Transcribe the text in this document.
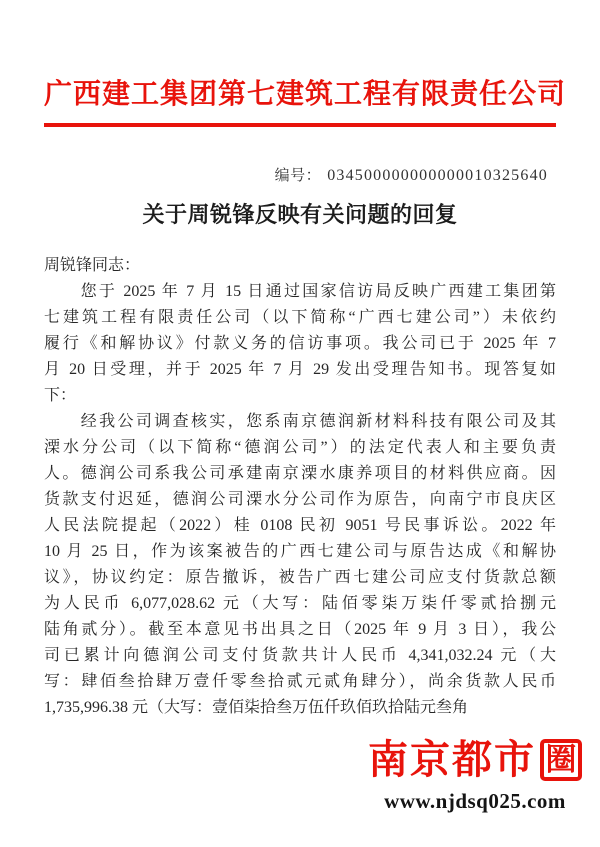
广西建工集团第七建筑工程有限责任公司
编号： 034500000000000010325640
关于周锐锋反映有关问题的回复
周锐锋同志：
　　您于 2025 年 7 月 15 日通过国家信访局反映广西建工集团第
七建筑工程有限责任公司（以下简称“广西七建公司”）未依约
履行《和解协议》付款义务的信访事项。我公司已于 2025 年 7
月 20 日受理，并于 2025 年 7 月 29 发出受理告知书。现答复如
下：
　　经我公司调查核实，您系南京德润新材料科技有限公司及其
溧水分公司（以下简称“德润公司”）的法定代表人和主要负责
人。德润公司系我公司承建南京溧水康养项目的材料供应商。因
货款支付迟延，德润公司溧水分公司作为原告，向南宁市良庆区
人民法院提起（2022）桂 0108 民初 9051 号民事诉讼。2022 年
10 月 25 日，作为该案被告的广西七建公司与原告达成《和解协
议》，协议约定：原告撤诉，被告广西七建公司应支付货款总额
为人民币 6,077,028.62 元（大写：陆佰零柒万柒仟零贰拾捌元
陆角贰分）。截至本意见书出具之日（2025 年 9 月 3 日），我公
司已累计向德润公司支付货款共计人民币 4,341,032.24 元（大
写：肆佰叁拾肆万壹仟零叁拾贰元贰角肆分），尚余货款人民币
1,735,996.38 元（大写：壹佰柒拾叁万伍仟玖佰玖拾陆元叁角
南京都市 圈
www.njdsq025.com
